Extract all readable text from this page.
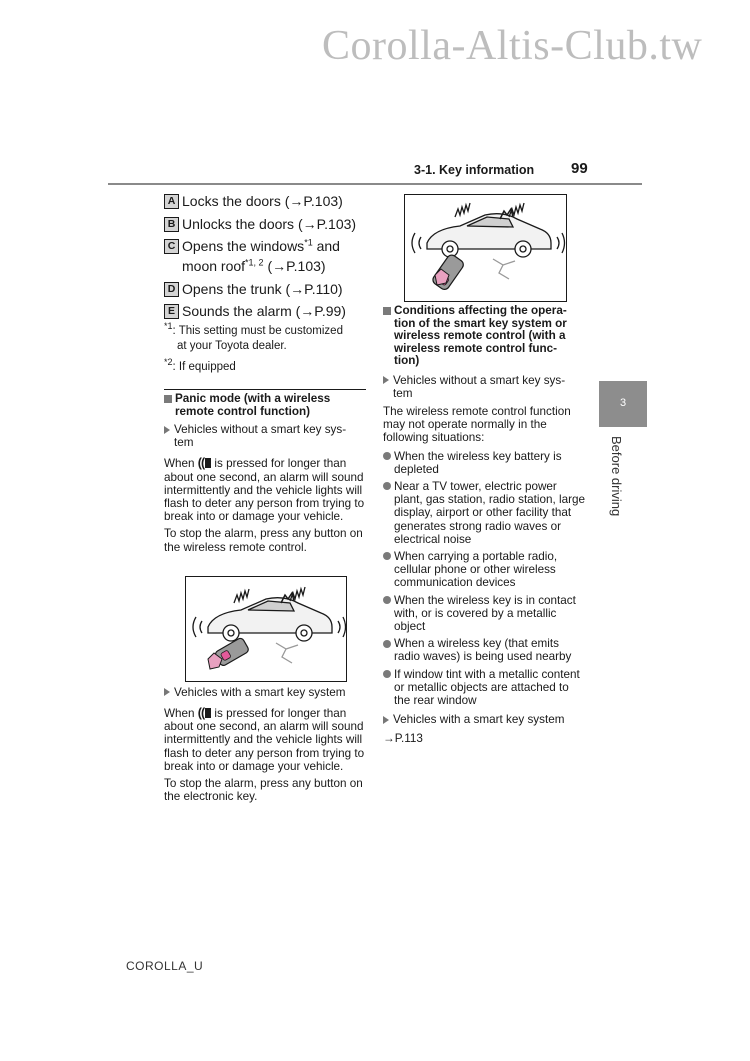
Corolla-Altis-Club.tw
3-1. Key information 99
3
Before driving
A Locks the doors (→P.103)
B Unlocks the doors (→P.103)
C Opens the windows$^{*1}$ and
moon roof$^{*1, 2}$ (→P.103)
D Opens the trunk (→P.110)
E Sounds the alarm (→P.99)
$^{*1}$: This setting must be customized
at your Toyota dealer.
$^{*2}$: If equipped
Panic mode (with a wireless
remote control function)
Vehicles without a smart key sys-
tem
When (( is pressed for longer than about one second, an alarm will sound intermittently and the vehicle lights will flash to deter any person from trying to break into or damage your vehicle.
To stop the alarm, press any button on the wireless remote control.
Vehicles with a smart key system
When (( is pressed for longer than about one second, an alarm will sound intermittently and the vehicle lights will flash to deter any person from trying to break into or damage your vehicle.
To stop the alarm, press any button on the electronic key.
Conditions affecting the opera-
tion of the smart key system or
wireless remote control (with a
wireless remote control func-
tion)
Vehicles without a smart key sys-
tem
The wireless remote control function may not operate normally in the following situations:
When the wireless key battery is depleted
Near a TV tower, electric power plant, gas station, radio station, large display, airport or other facility that generates strong radio waves or electrical noise
When carrying a portable radio, cellular phone or other wireless communication devices
When the wireless key is in contact with, or is covered by a metallic object
When a wireless key (that emits radio waves) is being used nearby
If window tint with a metallic content or metallic objects are attached to the rear window
Vehicles with a smart key system
→P.113
COROLLA_U
